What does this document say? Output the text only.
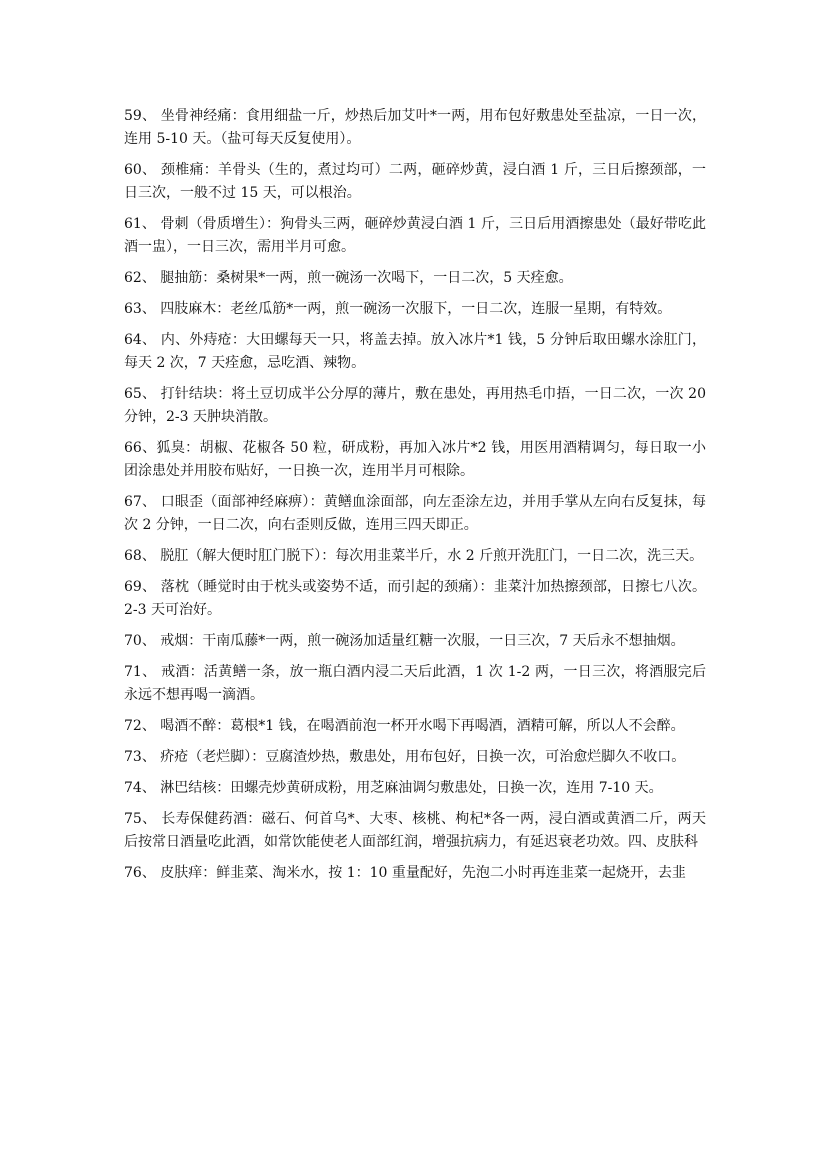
59、 坐骨神经痛：食用细盐一斤，炒热后加艾叶*一两，用布包好敷患处至盐凉，一日一次，连用 5-10 天。（盐可每天反复使用）。

60、 颈椎痛：羊骨头（生的，煮过均可）二两，砸碎炒黄，浸白酒 1 斤，三日后擦颈部，一日三次，一般不过 15 天，可以根治。

61、 骨刺（骨质增生）：狗骨头三两，砸碎炒黄浸白酒 1 斤，三日后用酒擦患处（最好带吃此酒一盅），一日三次，需用半月可愈。

62、 腿抽筋：桑树果*一两，煎一碗汤一次喝下，一日二次，5 天痊愈。

63、 四肢麻木：老丝瓜筋*一两，煎一碗汤一次服下，一日二次，连服一星期，有特效。

64、 内、外痔疮：大田螺每天一只，将盖去掉。放入冰片*1 钱，5 分钟后取田螺水涂肛门，每天 2 次，7 天痊愈，忌吃酒、辣物。

65、 打针结块：将土豆切成半公分厚的薄片，敷在患处，再用热毛巾捂，一日二次，一次 20 分钟，2-3 天肿块消散。

66、狐臭：胡椒、花椒各 50 粒，研成粉，再加入冰片*2 钱，用医用酒精调匀，每日取一小团涂患处并用胶布贴好，一日换一次，连用半月可根除。

67、 口眼歪（面部神经麻痹）：黄鳝血涂面部，向左歪涂左边，并用手掌从左向右反复抹，每次 2 分钟，一日二次，向右歪则反做，连用三四天即正。

68、 脱肛（解大便时肛门脱下）：每次用韭菜半斤，水 2 斤煎开洗肛门，一日二次，洗三天。

69、 落枕（睡觉时由于枕头或姿势不适，而引起的颈痛）：韭菜汁加热擦颈部，日擦七八次。2-3 天可治好。

70、 戒烟：干南瓜藤*一两，煎一碗汤加适量红糖一次服，一日三次，7 天后永不想抽烟。

71、 戒酒：活黄鳝一条，放一瓶白酒内浸二天后此酒，1 次 1-2 两，一日三次，将酒服完后永远不想再喝一滴酒。

72、 喝酒不醉：葛根*1 钱，在喝酒前泡一杯开水喝下再喝酒，酒精可解，所以人不会醉。

73、 疥疮（老烂脚）：豆腐渣炒热，敷患处，用布包好，日换一次，可治愈烂脚久不收口。

74、 淋巴结核：田螺壳炒黄研成粉，用芝麻油调匀敷患处，日换一次，连用 7-10 天。

75、 长寿保健药酒：磁石、何首乌*、大枣、核桃、枸杞*各一两，浸白酒或黄酒二斤，两天后按常日酒量吃此酒，如常饮能使老人面部红润，增强抗病力，有延迟衰老功效。四、皮肤科

76、 皮肤痒：鲜韭菜、淘米水，按 1：10 重量配好，先泡二小时再连韭菜一起烧开，去韭
